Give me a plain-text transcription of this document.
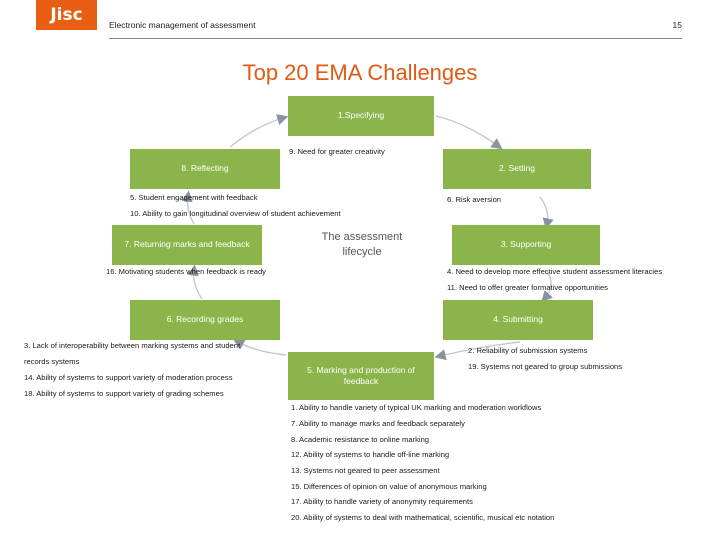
Jisc	Electronic management of assessment	15
Top 20 EMA Challenges
1.Specifying
2. Setting
3. Supporting
4. Submitting
5. Marking and production of feedback
6. Recording grades
7. Returning marks and feedback
8. Reflecting
The assessment
lifecycle
9. Need for greater creativity
5. Student engagement with feedback
10. Ability to gain longitudinal overview of student achievement
6. Risk aversion
4. Need to develop more effective student assessment literacies
11. Need to offer greater formative opportunities
16. Motivating students when feedback is ready
3. Lack of interoperability between marking systems and student
records systems
14. Ability of systems to support variety of moderation process
18. Ability of systems to support variety of grading schemes
2. Reliability of submission systems
19. Systems not geared to group submissions
1. Ability to handle variety of typical UK marking and moderation workflows
7. Ability to manage marks and feedback separately
8. Academic resistance to online marking
12. Ability of systems to handle off-line marking
13. Systems not geared to peer assessment
15. Differences of opinion on value of anonymous marking
17. Ability to handle variety of anonymity requirements
20. Ability of systems to deal with mathematical, scientific, musical etc notation
